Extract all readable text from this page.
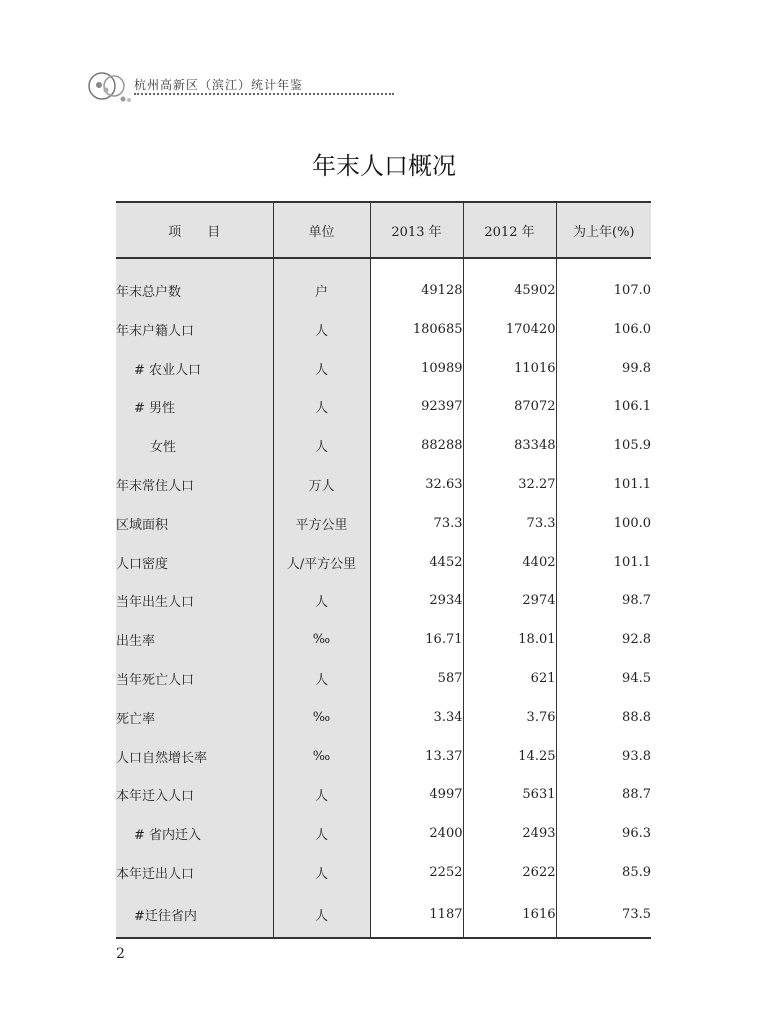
杭州高新区（滨江）统计年鉴
年末人口概况
项　　目	单位	2013 年	2012 年	为上年(%)
年末总户数	户	49128	45902	107.0
年末户籍人口	人	180685	170420	106.0
# 农业人口	人	10989	11016	99.8
# 男性	人	92397	87072	106.1
女性	人	88288	83348	105.9
年末常住人口	万人	32.63	32.27	101.1
区域面积	平方公里	73.3	73.3	100.0
人口密度	人/平方公里	4452	4402	101.1
当年出生人口	人	2934	2974	98.7
出生率	‰	16.71	18.01	92.8
当年死亡人口	人	587	621	94.5
死亡率	‰	3.34	3.76	88.8
人口自然增长率	‰	13.37	14.25	93.8
本年迁入人口	人	4997	5631	88.7
# 省内迁入	人	2400	2493	96.3
本年迁出人口	人	2252	2622	85.9
#迁往省内	人	1187	1616	73.5
2
